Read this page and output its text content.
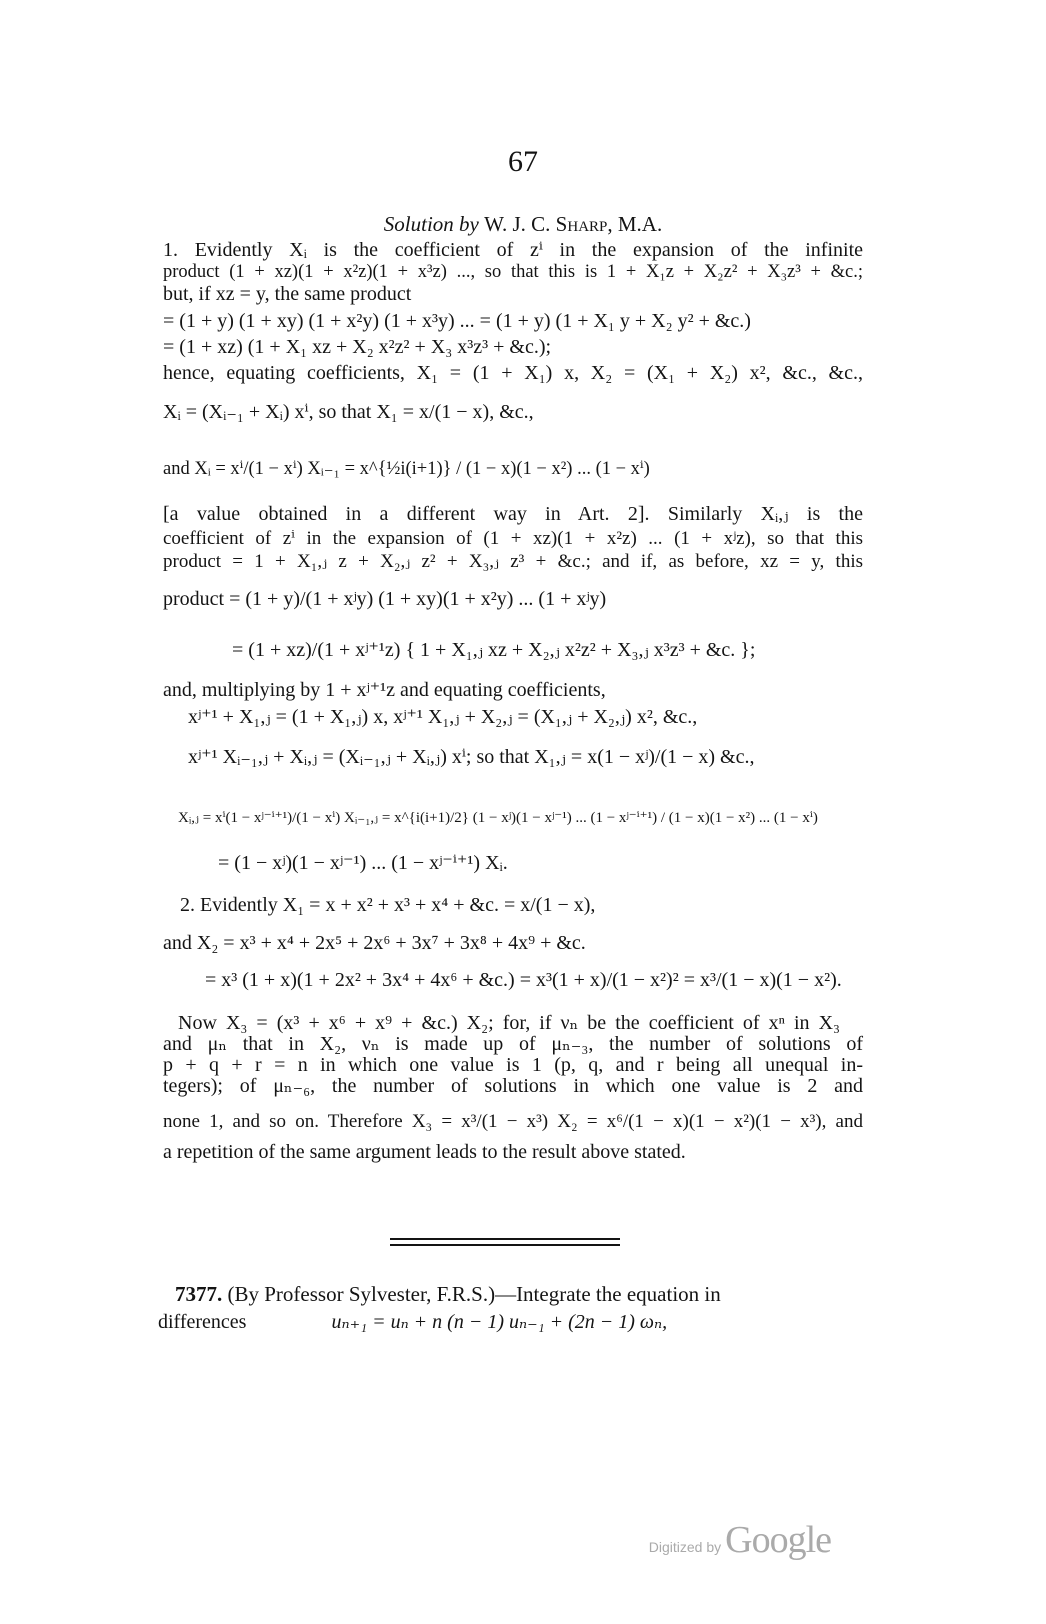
67
Solution by W. J. C. Sharp, M.A.
1. Evidently Xᵢ is the coefficient of zⁱ in the expansion of the infinite
product (1 + xz)(1 + x²z)(1 + x³z) ..., so that this is 1 + X₁z + X₂z² + X₃z³ + &c.;
but, if xz = y, the same product
= (1 + y) (1 + xy) (1 + x²y) (1 + x³y) ... = (1 + y) (1 + X₁ y + X₂ y² + &c.)
= (1 + xz) (1 + X₁ xz + X₂ x²z² + X₃ x³z³ + &c.);
hence, equating coefficients, X₁ = (1 + X₁) x, X₂ = (X₁ + X₂) x², &c., &c.,
Xᵢ = (Xᵢ₋₁ + Xᵢ) xⁱ, so that X₁ = x/(1 − x), &c.,
and Xᵢ = xⁱ/(1 − xⁱ) Xᵢ₋₁ = x^{½i(i+1)} / (1 − x)(1 − x²) ... (1 − xⁱ)
[a value obtained in a different way in Art. 2]. Similarly Xᵢ,ⱼ is the
coefficient of zⁱ in the expansion of (1 + xz)(1 + x²z) ... (1 + xʲz), so that this
product = 1 + X₁,ⱼ z + X₂,ⱼ z² + X₃,ⱼ z³ + &c.; and if, as before, xz = y, this
product = (1 + y)/(1 + xʲy) (1 + xy)(1 + x²y) ... (1 + xʲy)
= (1 + xz)/(1 + xʲ⁺¹z) { 1 + X₁,ⱼ xz + X₂,ⱼ x²z² + X₃,ⱼ x³z³ + &c. };
and, multiplying by 1 + xʲ⁺¹z and equating coefficients,
xʲ⁺¹ + X₁,ⱼ = (1 + X₁,ⱼ) x, xʲ⁺¹ X₁,ⱼ + X₂,ⱼ = (X₁,ⱼ + X₂,ⱼ) x², &c.,
xʲ⁺¹ Xᵢ₋₁,ⱼ + Xᵢ,ⱼ = (Xᵢ₋₁,ⱼ + Xᵢ,ⱼ) xⁱ; so that X₁,ⱼ = x(1 − xʲ)/(1 − x) &c.,
Xᵢ,ⱼ = xⁱ(1 − xʲ⁻ⁱ⁺¹)/(1 − xⁱ) Xᵢ₋₁,ⱼ = x^{i(i+1)/2} (1 − xʲ)(1 − xʲ⁻¹) ... (1 − xʲ⁻ⁱ⁺¹) / (1 − x)(1 − x²) ... (1 − xⁱ)
= (1 − xʲ)(1 − xʲ⁻¹) ... (1 − xʲ⁻ⁱ⁺¹) Xᵢ.
2. Evidently X₁ = x + x² + x³ + x⁴ + &c. = x/(1 − x),
and X₂ = x³ + x⁴ + 2x⁵ + 2x⁶ + 3x⁷ + 3x⁸ + 4x⁹ + &c.
= x³ (1 + x)(1 + 2x² + 3x⁴ + 4x⁶ + &c.) = x³(1 + x)/(1 − x²)² = x³/(1 − x)(1 − x²).
Now X₃ = (x³ + x⁶ + x⁹ + &c.) X₂; for, if νₙ be the coefficient of xⁿ in X₃
and μₙ that in X₂, νₙ is made up of μₙ₋₃, the number of solutions of
p + q + r = n in which one value is 1 (p, q, and r being all unequal in-
tegers); of μₙ₋₆, the number of solutions in which one value is 2 and
none 1, and so on. Therefore X₃ = x³/(1 − x³) X₂ = x⁶/(1 − x)(1 − x²)(1 − x³), and
a repetition of the same argument leads to the result above stated.
7377. (By Professor Sylvester, F.R.S.)—Integrate the equation in
differences	uₙ₊₁ = uₙ + n (n − 1) uₙ₋₁ + (2n − 1) ωₙ,
Digitized by Google
